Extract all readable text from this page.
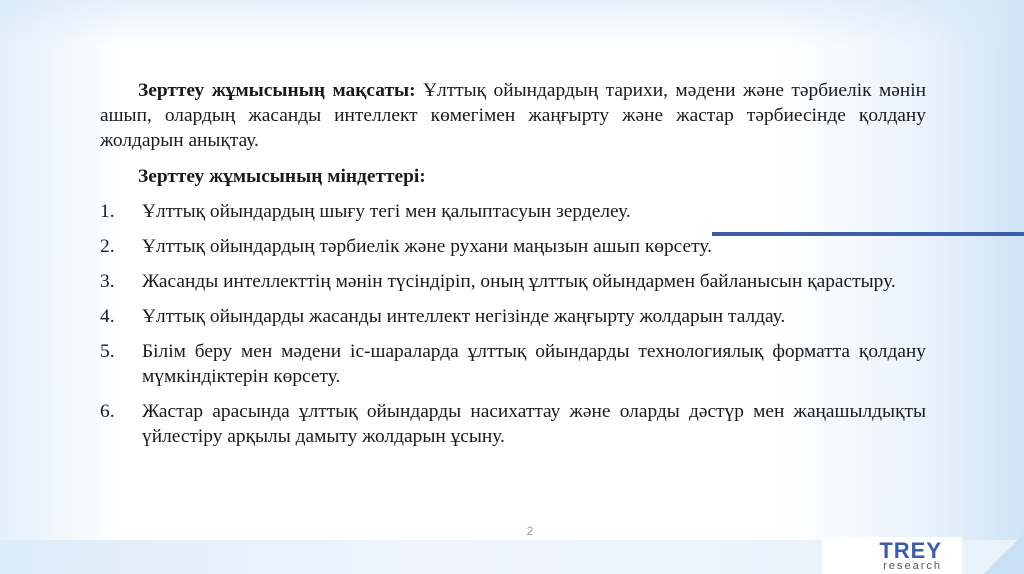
Зерттеу жұмысының мақсаты: Ұлттық ойындардың тарихи, мәдени және тәрбиелік мәнін ашып, олардың жасанды интеллект көмегімен жаңғырту және жастар тәрбиесінде қолдану жолдарын анықтау.

Зерттеу жұмысының міндеттері:

1.	Ұлттық ойындардың шығу тегі мен қалыптасуын зерделеу.
2.	Ұлттық ойындардың тәрбиелік және рухани маңызын ашып көрсету.
3.	Жасанды интеллекттің мәнін түсіндіріп, оның ұлттық ойындармен байланысын қарастыру.
4.	Ұлттық ойындарды жасанды интеллект негізінде жаңғырту жолдарын талдау.
5.	Білім беру мен мәдени іс-шараларда ұлттық ойындарды технологиялық форматта қолдану мүмкіндіктерін көрсету.
6.	Жастар арасында ұлттық ойындарды насихаттау және оларды дәстүр мен жаңашылдықты үйлестіру арқылы дамыту жолдарын ұсыну.
2
TREY
research
